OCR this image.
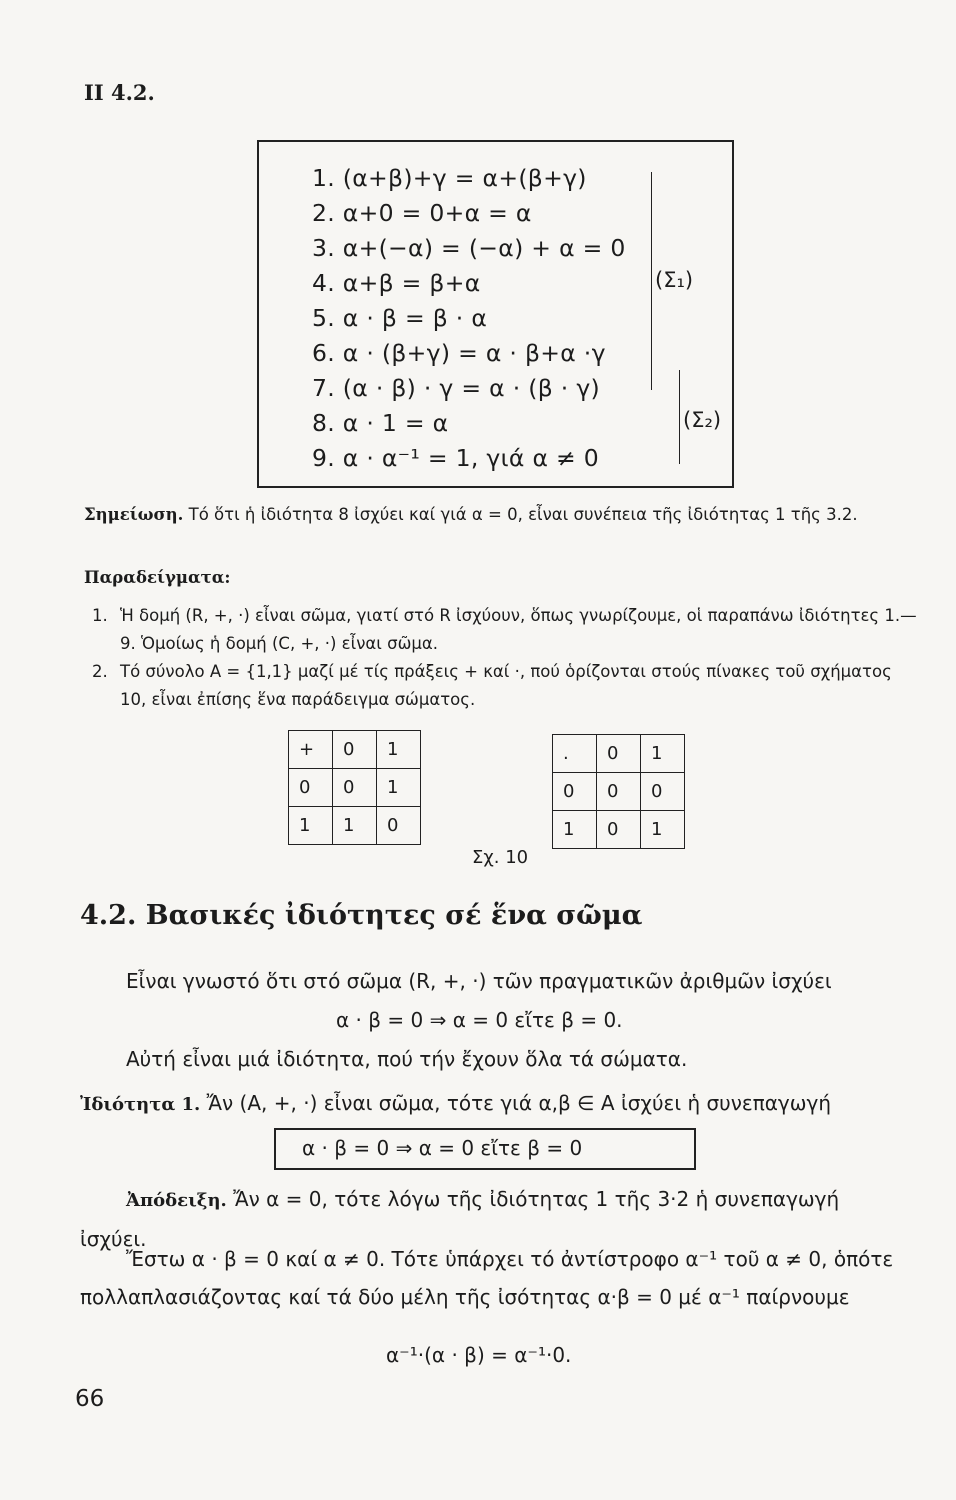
II 4.2.
1. (α+β)+γ = α+(β+γ)
2. α+0 = 0+α = α
3. α+(−α) = (−α) + α = 0
4. α+β = β+α
5. α · β = β · α
6. α · (β+γ) = α · β+α ·γ
7. (α · β) · γ = α · (β · γ)
8. α · 1 = α
9. α · α⁻¹ = 1, γιά α ≠ 0
(Σ₁)
(Σ₂)
Σημείωση. Τό ὅτι ἡ ἰδιότητα 8 ἰσχύει καί γιά α = 0, εἶναι συνέπεια τῆς ἰδιότητας 1 τῆς 3.2.
Παραδείγματα:
1. Ἡ δομή (R, +, ·) εἶναι σῶμα, γιατί στό R ἰσχύουν, ὅπως γνωρίζουμε, οἱ παραπάνω ἰδιότητες 1.—9. Ὁμοίως ἡ δομή (C, +, ·) εἶναι σῶμα.
2. Τό σύνολο Α = {1,1} μαζί μέ τίς πράξεις + καί ·, πού ὁρίζονται στούς πίνακες τοῦ σχήματος 10, εἶναι ἐπίσης ἕνα παράδειγμα σώματος.
+	0	1
0	0	1
1	1	0
.	0	1
0	0	0
1	0	1
Σχ. 10
4.2. Βασικές ἰδιότητες σέ ἕνα σῶμα
Εἶναι γνωστό ὅτι στό σῶμα (R, +, ·) τῶν πραγματικῶν ἀριθμῶν ἰσχύει
α · β = 0 ⇒ α = 0 εἴτε β = 0.
Αὐτή εἶναι μιά ἰδιότητα, πού τήν ἔχουν ὅλα τά σώματα.
Ἰδιότητα 1. Ἄν (Α, +, ·) εἶναι σῶμα, τότε γιά α,β ∈ Α ἰσχύει ἡ συνεπαγωγή
α · β = 0 ⇒ α = 0 εἴτε β = 0
Ἀπόδειξη. Ἄν α = 0, τότε λόγω τῆς ἰδιότητας 1 τῆς 3·2 ἡ συνεπαγωγή ἰσχύει.
Ἔστω α · β = 0 καί α ≠ 0. Τότε ὑπάρχει τό ἀντίστροφο α⁻¹ τοῦ α ≠ 0, ὁπότε πολλαπλασιάζοντας καί τά δύο μέλη τῆς ἰσότητας α·β = 0 μέ α⁻¹ παίρνουμε
α⁻¹·(α · β) = α⁻¹·0.
66
